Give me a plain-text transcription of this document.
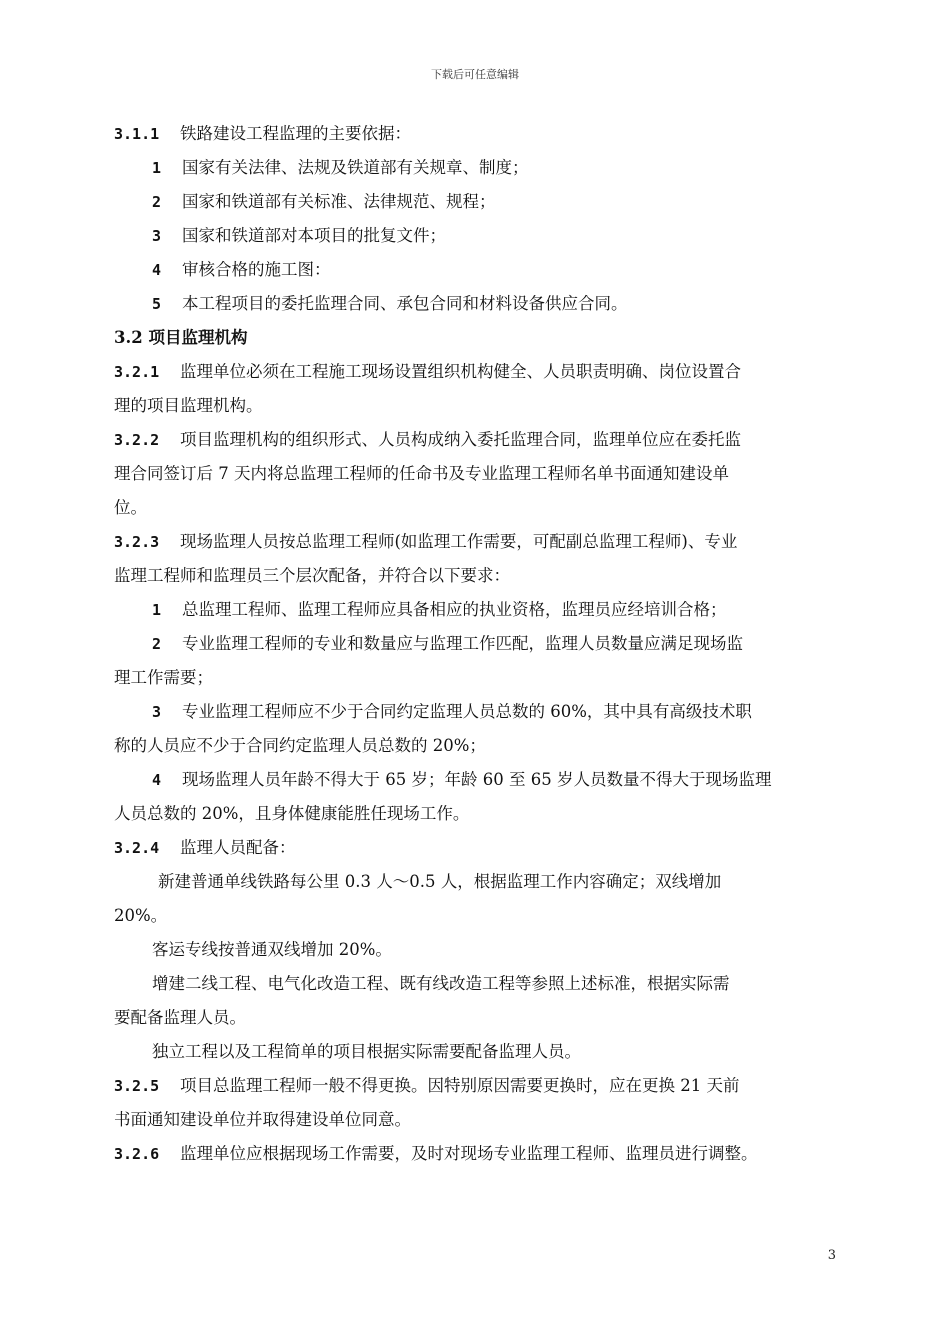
下载后可任意编辑
3.1.1 铁路建设工程监理的主要依据：
1 国家有关法律、法规及铁道部有关规章、制度；
2 国家和铁道部有关标准、法律规范、规程；
3 国家和铁道部对本项目的批复文件；
4 审核合格的施工图：
5 本工程项目的委托监理合同、承包合同和材料设备供应合同。
3.2 项目监理机构
3.2.1 监理单位必须在工程施工现场设置组织机构健全、人员职责明确、岗位设置合
理的项目监理机构。
3.2.2 项目监理机构的组织形式、人员构成纳入委托监理合同，监理单位应在委托监
理合同签订后 7 天内将总监理工程师的任命书及专业监理工程师名单书面通知建设单
位。
3.2.3 现场监理人员按总监理工程师(如监理工作需要，可配副总监理工程师)、专业
监理工程师和监理员三个层次配备，并符合以下要求：
1 总监理工程师、监理工程师应具备相应的执业资格，监理员应经培训合格；
2 专业监理工程师的专业和数量应与监理工作匹配，监理人员数量应满足现场监
理工作需要；
3 专业监理工程师应不少于合同约定监理人员总数的 60%，其中具有高级技术职
称的人员应不少于合同约定监理人员总数的 20%；
4 现场监理人员年龄不得大于 65 岁；年龄 60 至 65 岁人员数量不得大于现场监理
人员总数的 20%，且身体健康能胜任现场工作。
3.2.4 监理人员配备：
新建普通单线铁路每公里 0.3 人～0.5 人，根据监理工作内容确定；双线增加
20%。
客运专线按普通双线增加 20%。
增建二线工程、电气化改造工程、既有线改造工程等参照上述标准，根据实际需
要配备监理人员。
独立工程以及工程简单的项目根据实际需要配备监理人员。
3.2.5 项目总监理工程师一般不得更换。因特别原因需要更换时，应在更换 21 天前
书面通知建设单位并取得建设单位同意。
3.2.6 监理单位应根据现场工作需要，及时对现场专业监理工程师、监理员进行调整。
3
